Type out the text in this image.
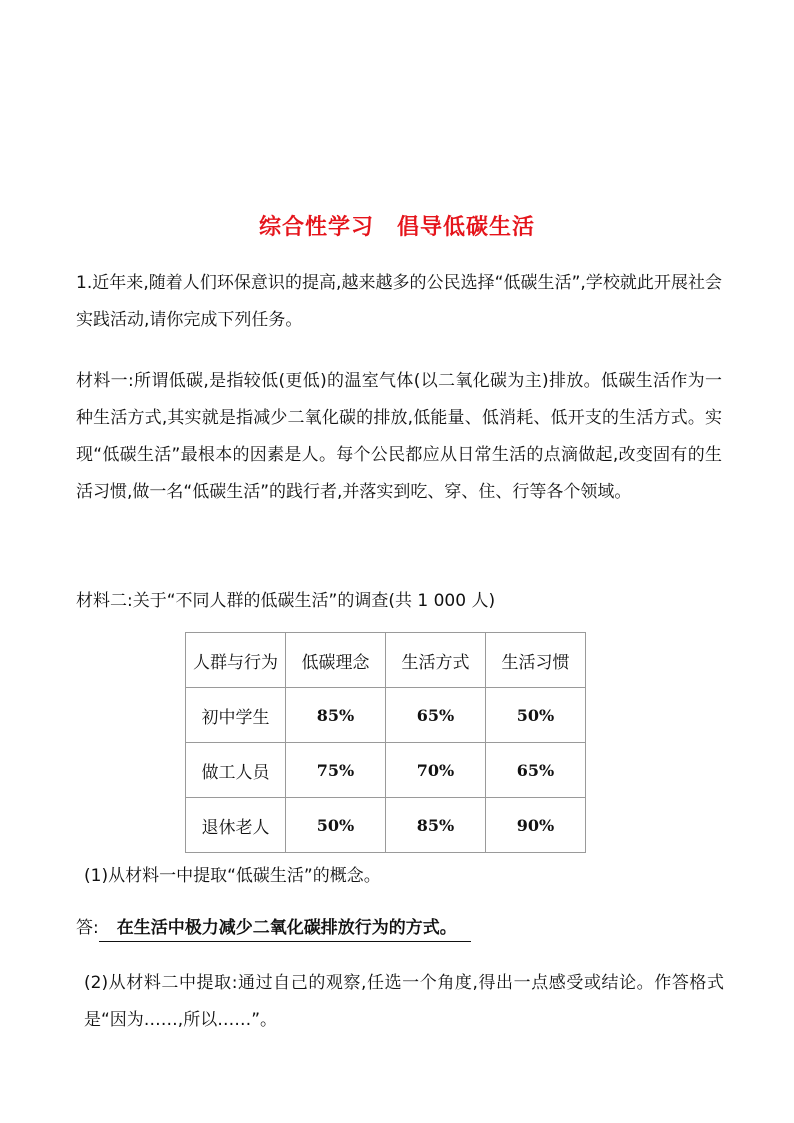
综合性学习　倡导低碳生活
1.近年来,随着人们环保意识的提高,越来越多的公民选择“低碳生活”,学校就此开展社会实践活动,请你完成下列任务。
材料一:所谓低碳,是指较低(更低)的温室气体(以二氧化碳为主)排放。低碳生活作为一种生活方式,其实就是指减少二氧化碳的排放,低能量、低消耗、低开支的生活方式。实现“低碳生活”最根本的因素是人。每个公民都应从日常生活的点滴做起,改变固有的生活习惯,做一名“低碳生活”的践行者,并落实到吃、穿、住、行等各个领域。
材料二:关于“不同人群的低碳生活”的调查(共 1 000 人)
人群与行为	低碳理念	生活方式	生活习惯
初中学生	85%	65%	50%
做工人员	75%	70%	65%
退休老人	50%	85%	90%
(1)从材料一中提取“低碳生活”的概念。
答: 在生活中极力减少二氧化碳排放行为的方式。
(2)从材料二中提取:通过自己的观察,任选一个角度,得出一点感受或结论。作答格式是“因为……,所以……”。
